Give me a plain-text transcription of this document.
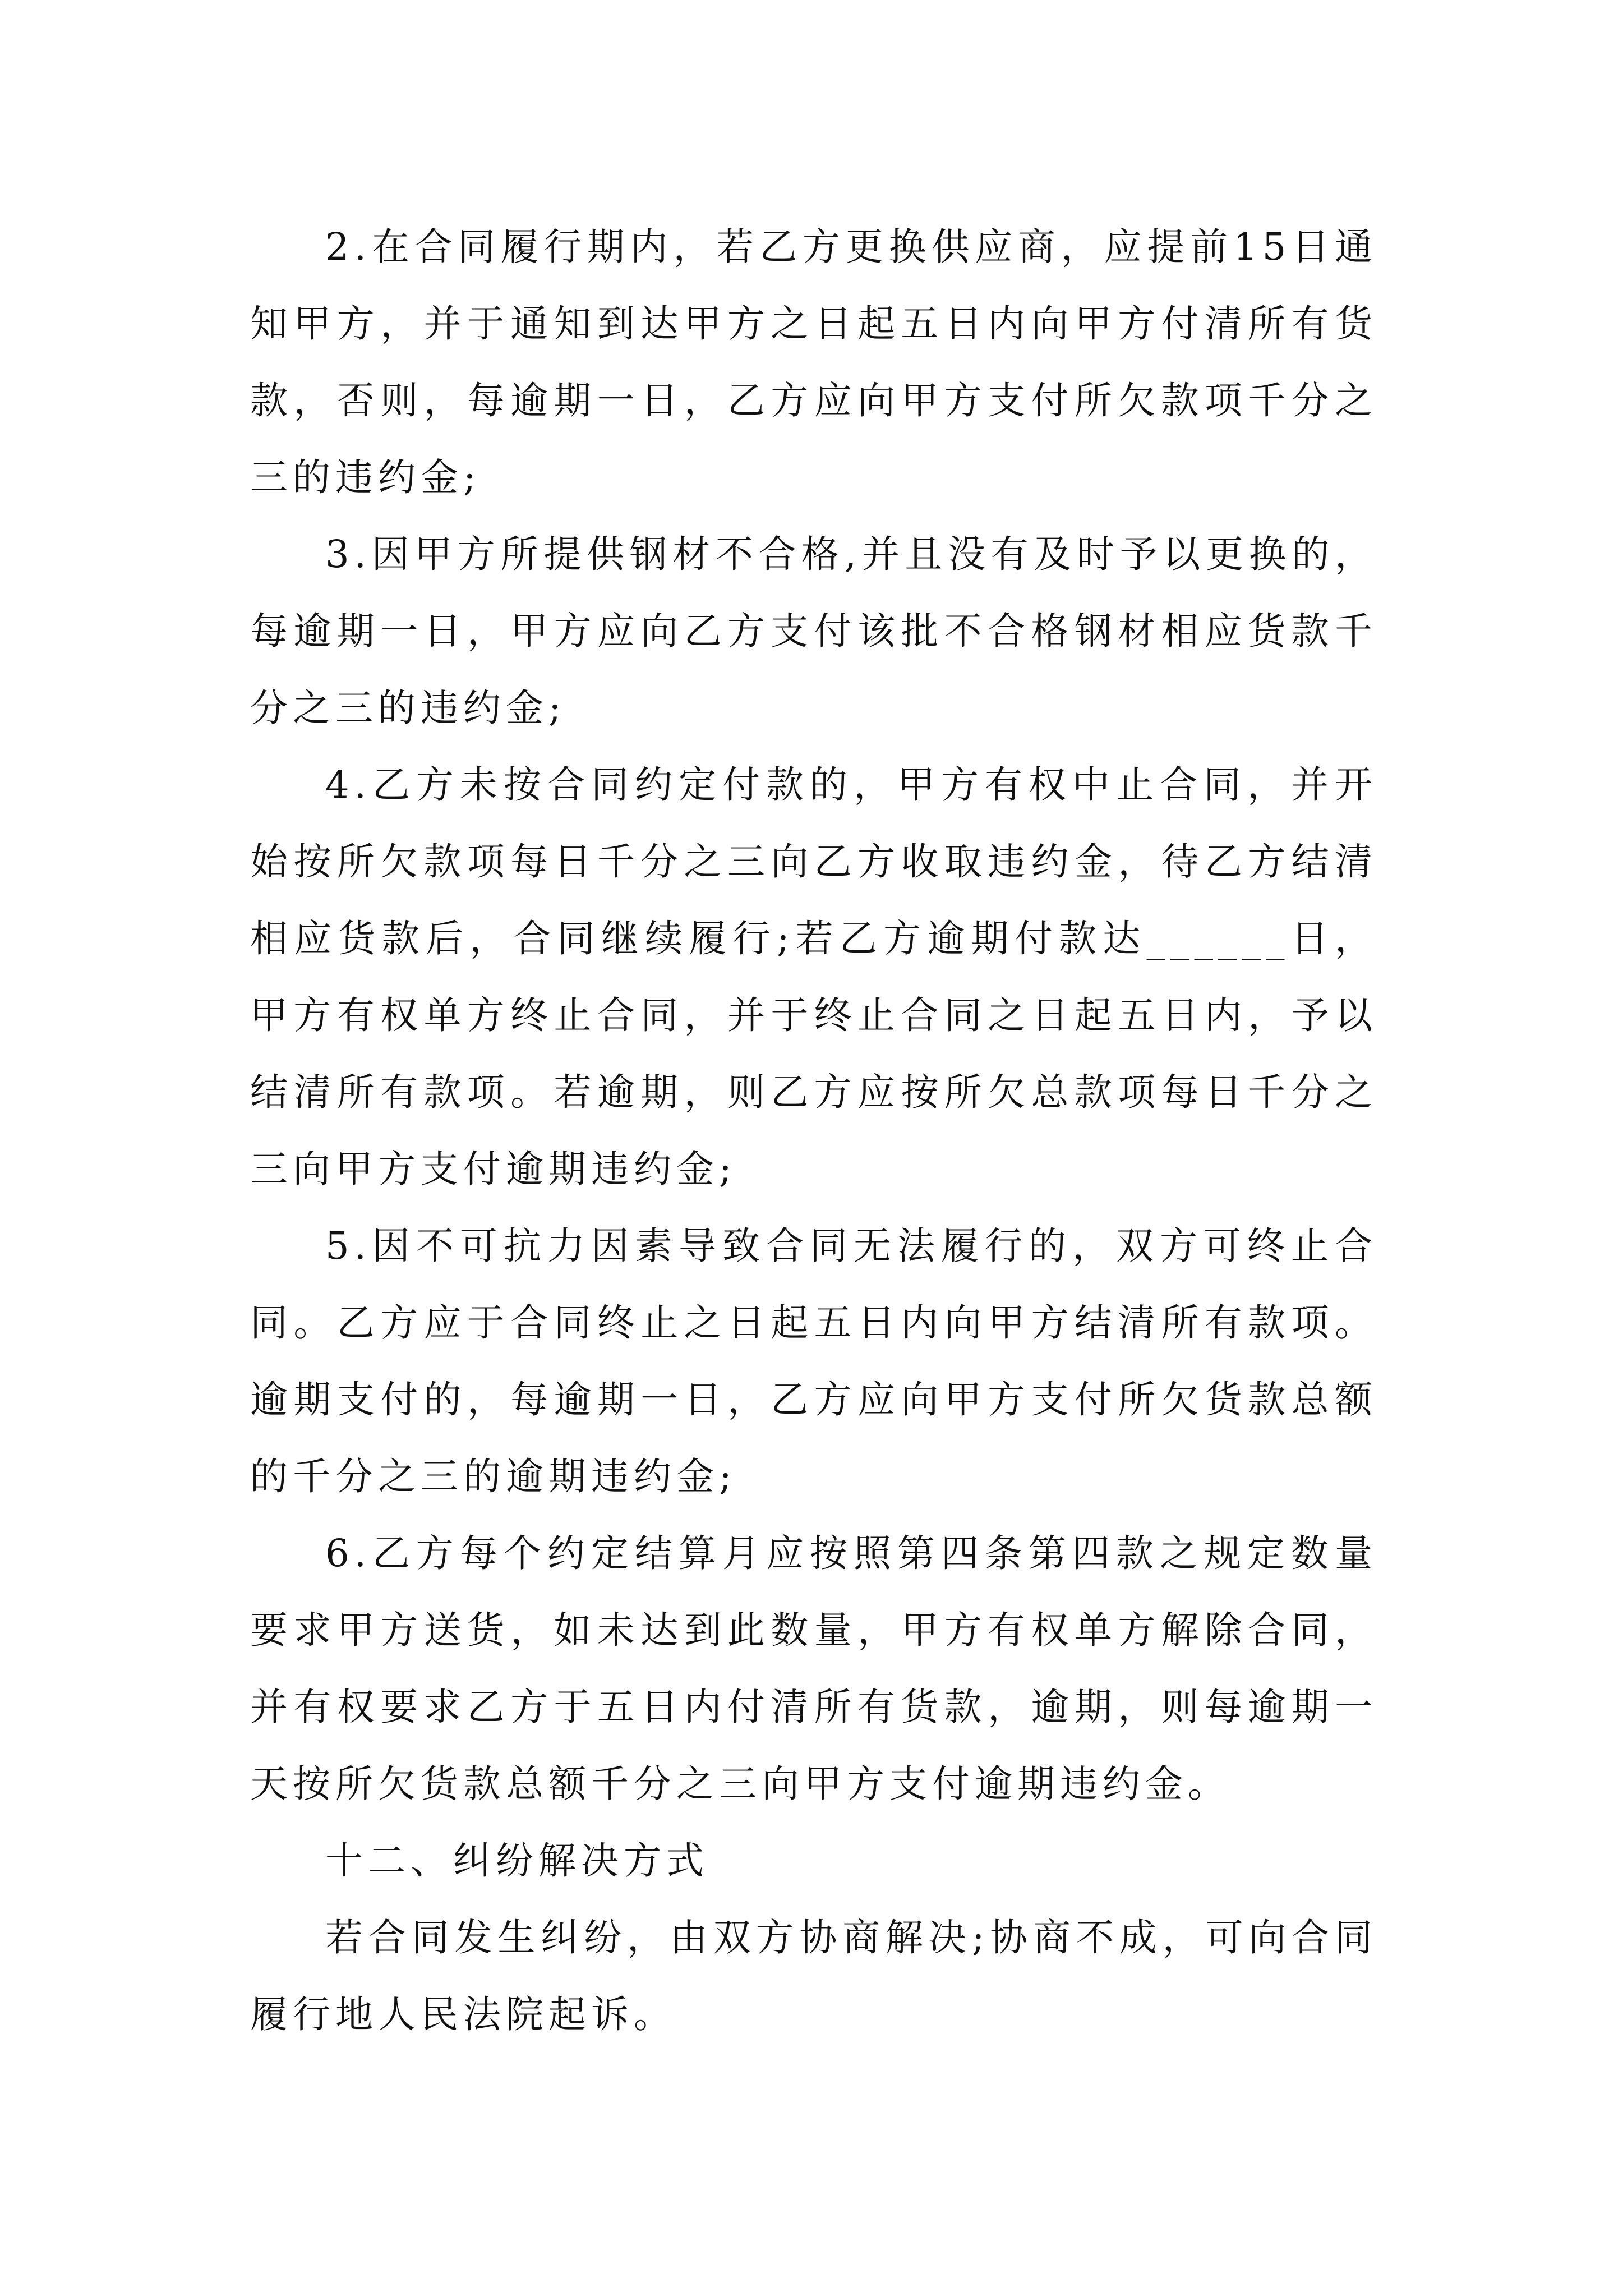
2.在合同履行期内，若乙方更换供应商，应提前15日通知甲方，并于通知到达甲方之日起五日内向甲方付清所有货款，否则，每逾期一日，乙方应向甲方支付所欠款项千分之三的违约金;

3.因甲方所提供钢材不合格,并且没有及时予以更换的，每逾期一日，甲方应向乙方支付该批不合格钢材相应货款千分之三的违约金;

4.乙方未按合同约定付款的，甲方有权中止合同，并开始按所欠款项每日千分之三向乙方收取违约金，待乙方结清相应货款后，合同继续履行;若乙方逾期付款达______日，甲方有权单方终止合同，并于终止合同之日起五日内，予以结清所有款项。若逾期，则乙方应按所欠总款项每日千分之三向甲方支付逾期违约金;

5.因不可抗力因素导致合同无法履行的，双方可终止合同。乙方应于合同终止之日起五日内向甲方结清所有款项。逾期支付的，每逾期一日，乙方应向甲方支付所欠货款总额的千分之三的逾期违约金;

6.乙方每个约定结算月应按照第四条第四款之规定数量要求甲方送货，如未达到此数量，甲方有权单方解除合同，并有权要求乙方于五日内付清所有货款，逾期，则每逾期一天按所欠货款总额千分之三向甲方支付逾期违约金。

十二、纠纷解决方式

若合同发生纠纷，由双方协商解决;协商不成，可向合同履行地人民法院起诉。
